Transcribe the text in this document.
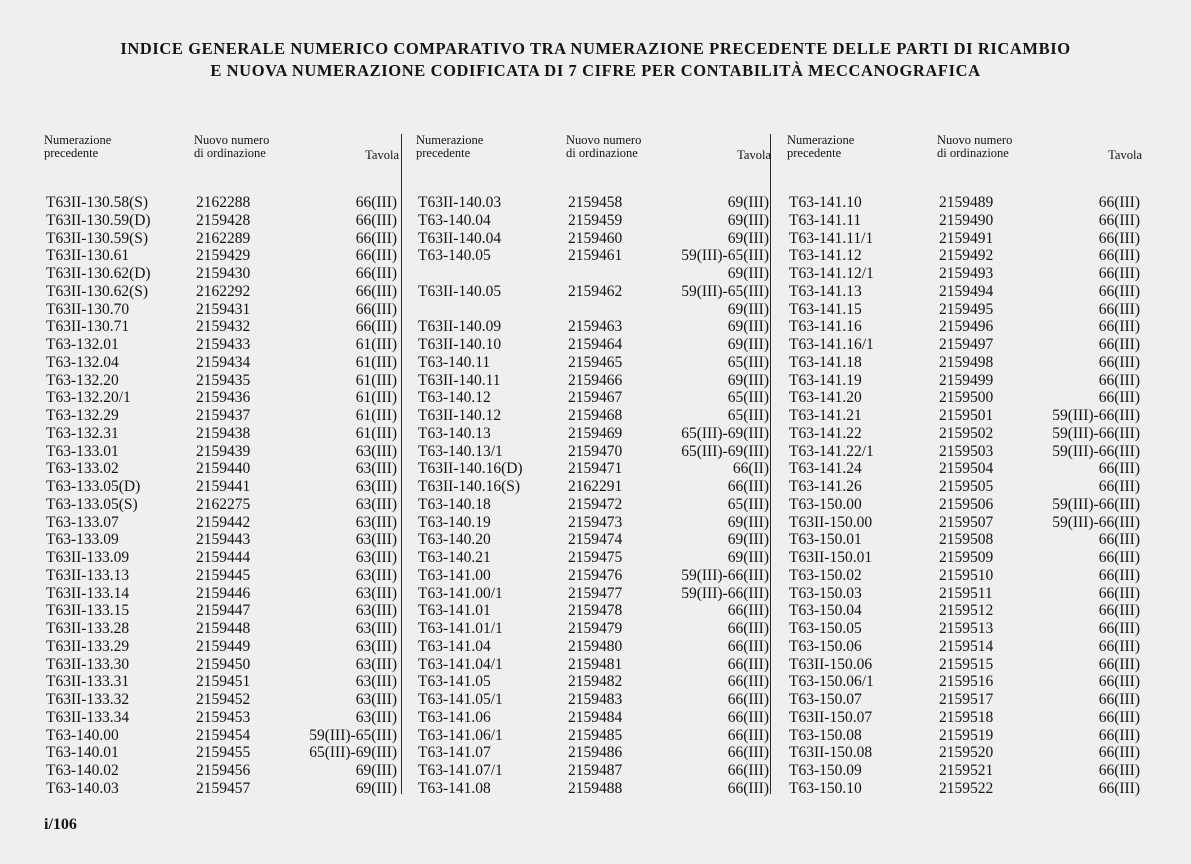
INDICE GENERALE NUMERICO COMPARATIVO TRA NUMERAZIONE PRECEDENTE DELLE PARTI DI RICAMBIO
E NUOVA NUMERAZIONE CODIFICATA DI 7 CIFRE PER CONTABILITÀ MECCANOGRAFICA
Numerazione
precedente
Nuovo numero
di ordinazione	Tavola
T63II-130.58(S)	2162288	66(III)
T63II-130.59(D)	2159428	66(III)
T63II-130.59(S)	2162289	66(III)
T63II-130.61	2159429	66(III)
T63II-130.62(D)	2159430	66(III)
T63II-130.62(S)	2162292	66(III)
T63II-130.70	2159431	66(III)
T63II-130.71	2159432	66(III)
T63-132.01	2159433	61(III)
T63-132.04	2159434	61(III)
T63-132.20	2159435	61(III)
T63-132.20/1	2159436	61(III)
T63-132.29	2159437	61(III)
T63-132.31	2159438	61(III)
T63-133.01	2159439	63(III)
T63-133.02	2159440	63(III)
T63-133.05(D)	2159441	63(III)
T63-133.05(S)	2162275	63(III)
T63-133.07	2159442	63(III)
T63-133.09	2159443	63(III)
T63II-133.09	2159444	63(III)
T63II-133.13	2159445	63(III)
T63II-133.14	2159446	63(III)
T63II-133.15	2159447	63(III)
T63II-133.28	2159448	63(III)
T63II-133.29	2159449	63(III)
T63II-133.30	2159450	63(III)
T63II-133.31	2159451	63(III)
T63II-133.32	2159452	63(III)
T63II-133.34	2159453	63(III)
T63-140.00	2159454	59(III)-65(III)
T63-140.01	2159455	65(III)-69(III)
T63-140.02	2159456	69(III)
T63-140.03	2159457	69(III)
Numerazione
precedente
Nuovo numero
di ordinazione	Tavola
T63II-140.03	2159458	69(III)
T63-140.04	2159459	69(III)
T63II-140.04	2159460	69(III)
T63-140.05	2159461	59(III)-65(III)
69(III)
T63II-140.05	2159462	59(III)-65(III)
69(III)
T63II-140.09	2159463	69(III)
T63II-140.10	2159464	69(III)
T63-140.11	2159465	65(III)
T63II-140.11	2159466	69(III)
T63-140.12	2159467	65(III)
T63II-140.12	2159468	65(III)
T63-140.13	2159469	65(III)-69(III)
T63-140.13/1	2159470	65(III)-69(III)
T63II-140.16(D)	2159471	66(II)
T63II-140.16(S)	2162291	66(III)
T63-140.18	2159472	65(III)
T63-140.19	2159473	69(III)
T63-140.20	2159474	69(III)
T63-140.21	2159475	69(III)
T63-141.00	2159476	59(III)-66(III)
T63-141.00/1	2159477	59(III)-66(III)
T63-141.01	2159478	66(III)
T63-141.01/1	2159479	66(III)
T63-141.04	2159480	66(III)
T63-141.04/1	2159481	66(III)
T63-141.05	2159482	66(III)
T63-141.05/1	2159483	66(III)
T63-141.06	2159484	66(III)
T63-141.06/1	2159485	66(III)
T63-141.07	2159486	66(III)
T63-141.07/1	2159487	66(III)
T63-141.08	2159488	66(III)
Numerazione
precedente
Nuovo numero
di ordinazione	Tavola
T63-141.10	2159489	66(III)
T63-141.11	2159490	66(III)
T63-141.11/1	2159491	66(III)
T63-141.12	2159492	66(III)
T63-141.12/1	2159493	66(III)
T63-141.13	2159494	66(III)
T63-141.15	2159495	66(III)
T63-141.16	2159496	66(III)
T63-141.16/1	2159497	66(III)
T63-141.18	2159498	66(III)
T63-141.19	2159499	66(III)
T63-141.20	2159500	66(III)
T63-141.21	2159501	59(III)-66(III)
T63-141.22	2159502	59(III)-66(III)
T63-141.22/1	2159503	59(III)-66(III)
T63-141.24	2159504	66(III)
T63-141.26	2159505	66(III)
T63-150.00	2159506	59(III)-66(III)
T63II-150.00	2159507	59(III)-66(III)
T63-150.01	2159508	66(III)
T63II-150.01	2159509	66(III)
T63-150.02	2159510	66(III)
T63-150.03	2159511	66(III)
T63-150.04	2159512	66(III)
T63-150.05	2159513	66(III)
T63-150.06	2159514	66(III)
T63II-150.06	2159515	66(III)
T63-150.06/1	2159516	66(III)
T63-150.07	2159517	66(III)
T63II-150.07	2159518	66(III)
T63-150.08	2159519	66(III)
T63II-150.08	2159520	66(III)
T63-150.09	2159521	66(III)
T63-150.10	2159522	66(III)
i/106
